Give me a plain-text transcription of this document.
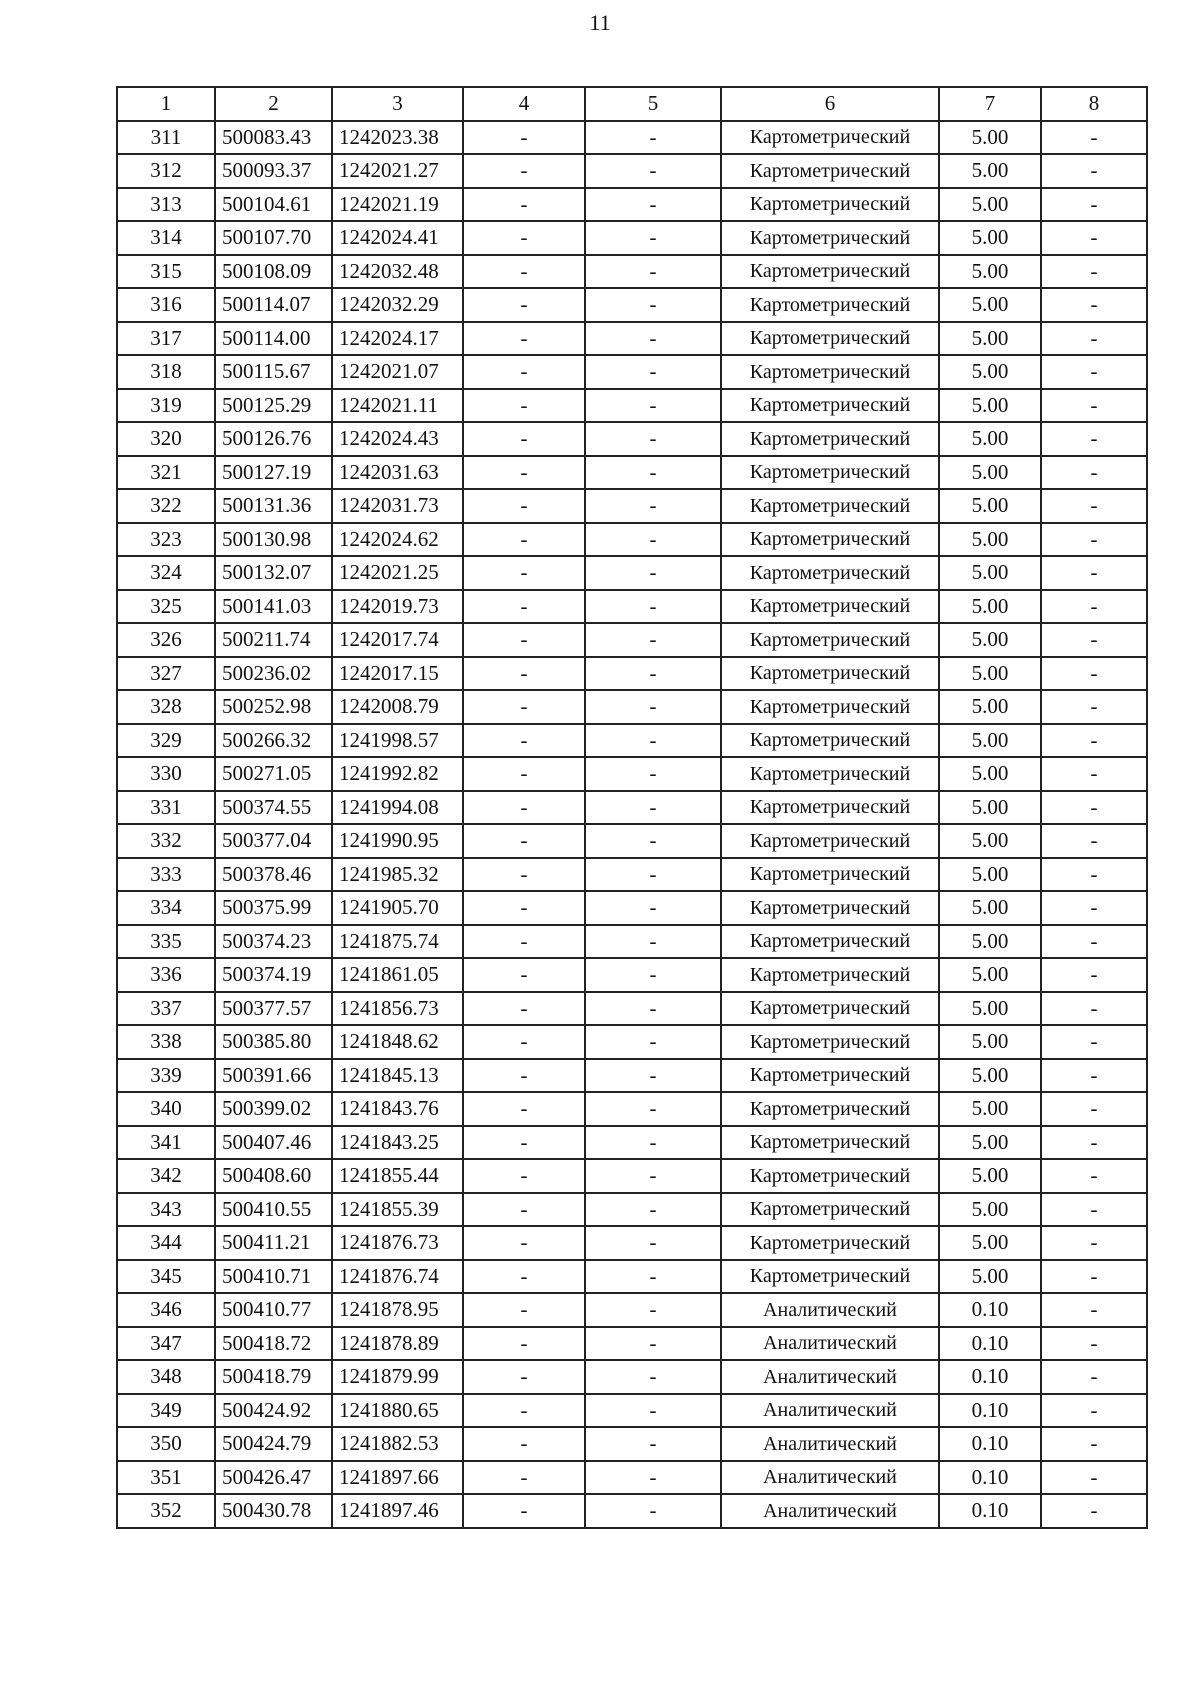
11
1	2	3	4	5	6	7	8
311	500083.43	1242023.38	-	-	Картометрический	5.00	-
312	500093.37	1242021.27	-	-	Картометрический	5.00	-
313	500104.61	1242021.19	-	-	Картометрический	5.00	-
314	500107.70	1242024.41	-	-	Картометрический	5.00	-
315	500108.09	1242032.48	-	-	Картометрический	5.00	-
316	500114.07	1242032.29	-	-	Картометрический	5.00	-
317	500114.00	1242024.17	-	-	Картометрический	5.00	-
318	500115.67	1242021.07	-	-	Картометрический	5.00	-
319	500125.29	1242021.11	-	-	Картометрический	5.00	-
320	500126.76	1242024.43	-	-	Картометрический	5.00	-
321	500127.19	1242031.63	-	-	Картометрический	5.00	-
322	500131.36	1242031.73	-	-	Картометрический	5.00	-
323	500130.98	1242024.62	-	-	Картометрический	5.00	-
324	500132.07	1242021.25	-	-	Картометрический	5.00	-
325	500141.03	1242019.73	-	-	Картометрический	5.00	-
326	500211.74	1242017.74	-	-	Картометрический	5.00	-
327	500236.02	1242017.15	-	-	Картометрический	5.00	-
328	500252.98	1242008.79	-	-	Картометрический	5.00	-
329	500266.32	1241998.57	-	-	Картометрический	5.00	-
330	500271.05	1241992.82	-	-	Картометрический	5.00	-
331	500374.55	1241994.08	-	-	Картометрический	5.00	-
332	500377.04	1241990.95	-	-	Картометрический	5.00	-
333	500378.46	1241985.32	-	-	Картометрический	5.00	-
334	500375.99	1241905.70	-	-	Картометрический	5.00	-
335	500374.23	1241875.74	-	-	Картометрический	5.00	-
336	500374.19	1241861.05	-	-	Картометрический	5.00	-
337	500377.57	1241856.73	-	-	Картометрический	5.00	-
338	500385.80	1241848.62	-	-	Картометрический	5.00	-
339	500391.66	1241845.13	-	-	Картометрический	5.00	-
340	500399.02	1241843.76	-	-	Картометрический	5.00	-
341	500407.46	1241843.25	-	-	Картометрический	5.00	-
342	500408.60	1241855.44	-	-	Картометрический	5.00	-
343	500410.55	1241855.39	-	-	Картометрический	5.00	-
344	500411.21	1241876.73	-	-	Картометрический	5.00	-
345	500410.71	1241876.74	-	-	Картометрический	5.00	-
346	500410.77	1241878.95	-	-	Аналитический	0.10	-
347	500418.72	1241878.89	-	-	Аналитический	0.10	-
348	500418.79	1241879.99	-	-	Аналитический	0.10	-
349	500424.92	1241880.65	-	-	Аналитический	0.10	-
350	500424.79	1241882.53	-	-	Аналитический	0.10	-
351	500426.47	1241897.66	-	-	Аналитический	0.10	-
352	500430.78	1241897.46	-	-	Аналитический	0.10	-
